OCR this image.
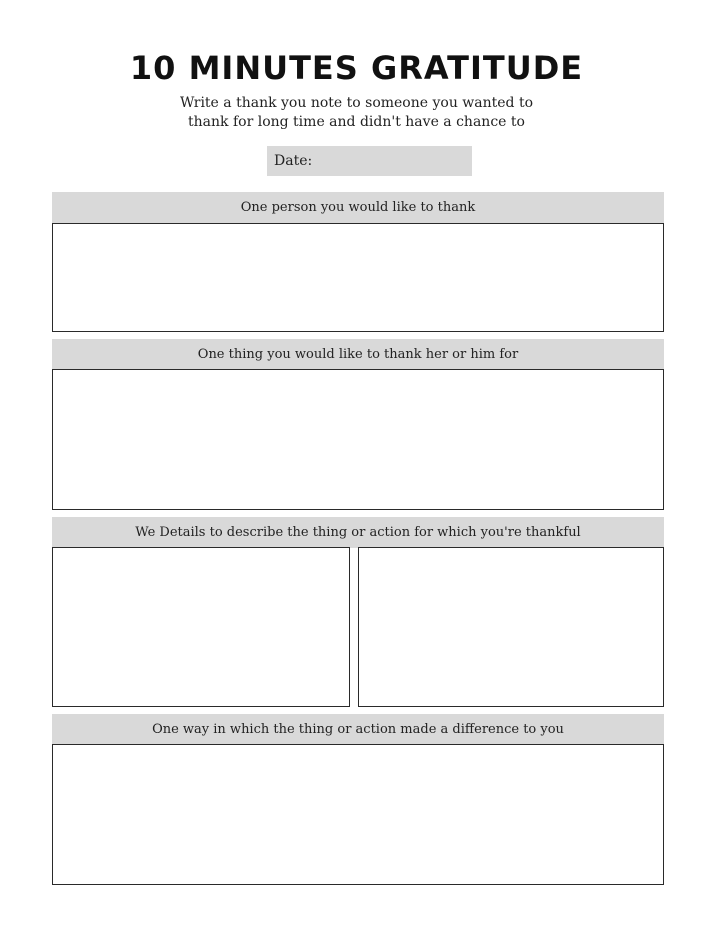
10 MINUTES GRATITUDE
Write a thank you note to someone you wanted to
thank for long time and didn't have a chance to
Date:
One person you would like to thank
One thing you would like to thank her or him for
We Details to describe the thing or action for which you're thankful
One way in which the thing or action made a difference to you
